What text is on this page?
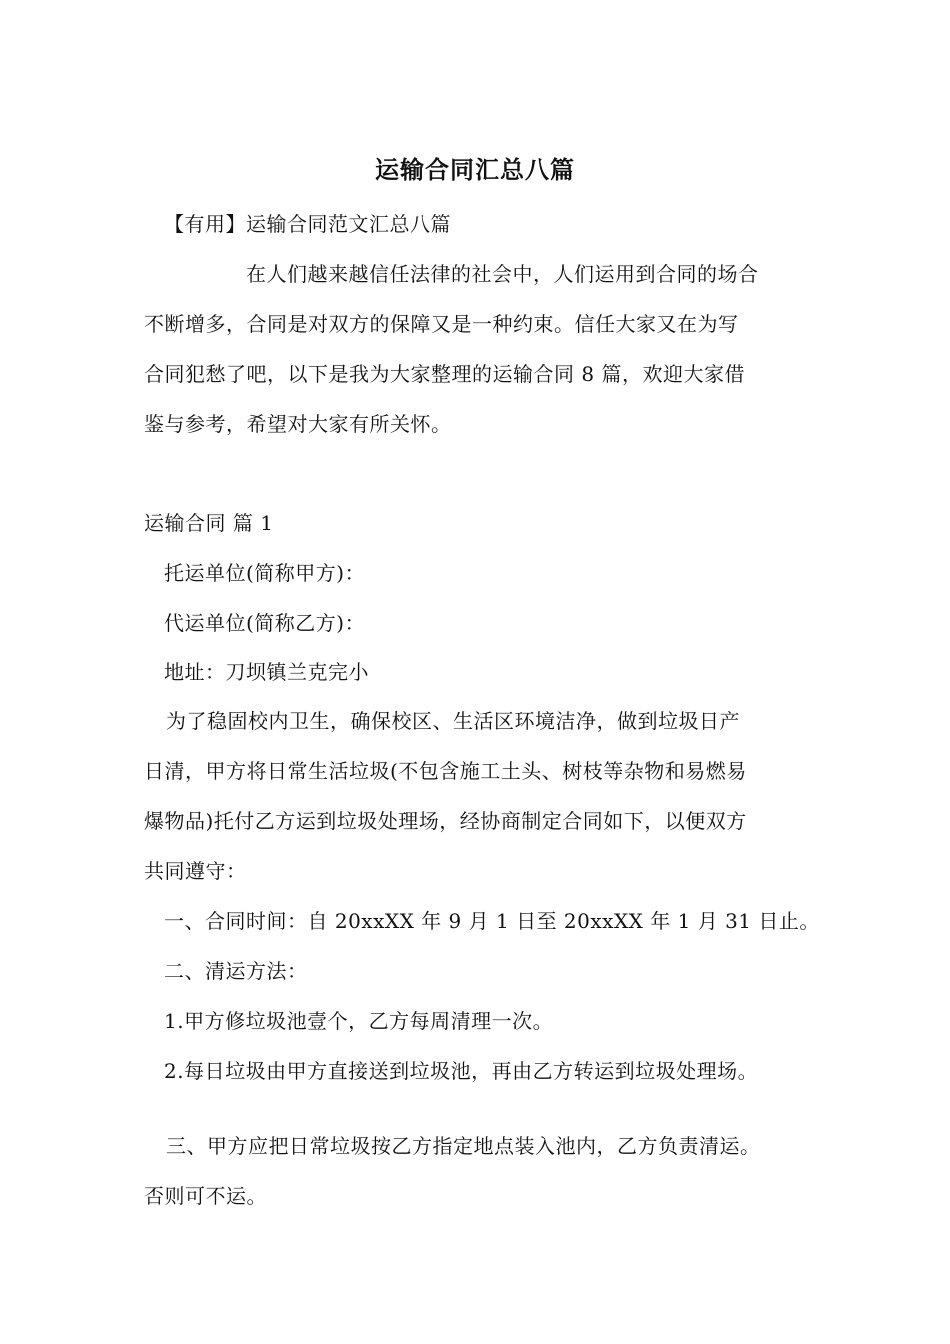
运输合同汇总八篇
【有用】运输合同范文汇总八篇
在人们越来越信任法律的社会中，人们运用到合同的场合
不断增多，合同是对双方的保障又是一种约束。信任大家又在为写
合同犯愁了吧，以下是我为大家整理的运输合同 8 篇，欢迎大家借
鉴与参考，希望对大家有所关怀。
运输合同 篇 1
托运单位(简称甲方)：
代运单位(简称乙方)：
地址：刀坝镇兰克完小
为了稳固校内卫生，确保校区、生活区环境洁净，做到垃圾日产
日清，甲方将日常生活垃圾(不包含施工土头、树枝等杂物和易燃易
爆物品)托付乙方运到垃圾处理场，经协商制定合同如下，以便双方
共同遵守：
一、合同时间：自 20xxXX 年 9 月 1 日至 20xxXX 年 1 月 31 日止。
二、清运方法：
1.甲方修垃圾池壹个，乙方每周清理一次。
2.每日垃圾由甲方直接送到垃圾池，再由乙方转运到垃圾处理场。
三、甲方应把日常垃圾按乙方指定地点装入池内，乙方负责清运。
否则可不运。
